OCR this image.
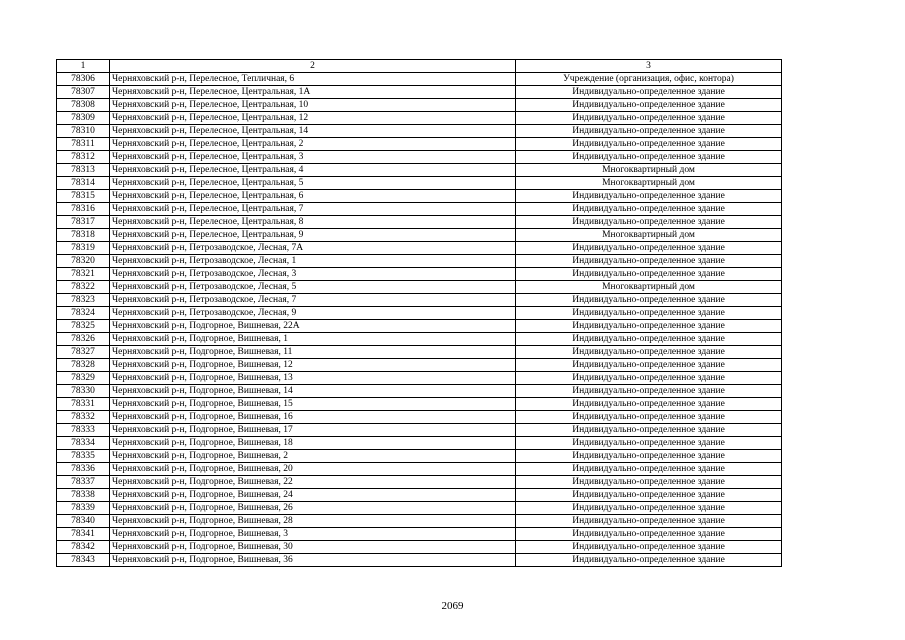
1	2	3
78306	Черняховский р-н, Перелесное, Тепличная, 6	Учреждение (организация, офис, контора)
78307	Черняховский р-н, Перелесное, Центральная, 1А	Индивидуально-определенное здание
78308	Черняховский р-н, Перелесное, Центральная, 10	Индивидуально-определенное здание
78309	Черняховский р-н, Перелесное, Центральная, 12	Индивидуально-определенное здание
78310	Черняховский р-н, Перелесное, Центральная, 14	Индивидуально-определенное здание
78311	Черняховский р-н, Перелесное, Центральная, 2	Индивидуально-определенное здание
78312	Черняховский р-н, Перелесное, Центральная, 3	Индивидуально-определенное здание
78313	Черняховский р-н, Перелесное, Центральная, 4	Многоквартирный дом
78314	Черняховский р-н, Перелесное, Центральная, 5	Многоквартирный дом
78315	Черняховский р-н, Перелесное, Центральная, 6	Индивидуально-определенное здание
78316	Черняховский р-н, Перелесное, Центральная, 7	Индивидуально-определенное здание
78317	Черняховский р-н, Перелесное, Центральная, 8	Индивидуально-определенное здание
78318	Черняховский р-н, Перелесное, Центральная, 9	Многоквартирный дом
78319	Черняховский р-н, Петрозаводское, Лесная, 7А	Индивидуально-определенное здание
78320	Черняховский р-н, Петрозаводское, Лесная, 1	Индивидуально-определенное здание
78321	Черняховский р-н, Петрозаводское, Лесная, 3	Индивидуально-определенное здание
78322	Черняховский р-н, Петрозаводское, Лесная, 5	Многоквартирный дом
78323	Черняховский р-н, Петрозаводское, Лесная, 7	Индивидуально-определенное здание
78324	Черняховский р-н, Петрозаводское, Лесная, 9	Индивидуально-определенное здание
78325	Черняховский р-н, Подгорное, Вишневая, 22А	Индивидуально-определенное здание
78326	Черняховский р-н, Подгорное, Вишневая, 1	Индивидуально-определенное здание
78327	Черняховский р-н, Подгорное, Вишневая, 11	Индивидуально-определенное здание
78328	Черняховский р-н, Подгорное, Вишневая, 12	Индивидуально-определенное здание
78329	Черняховский р-н, Подгорное, Вишневая, 13	Индивидуально-определенное здание
78330	Черняховский р-н, Подгорное, Вишневая, 14	Индивидуально-определенное здание
78331	Черняховский р-н, Подгорное, Вишневая, 15	Индивидуально-определенное здание
78332	Черняховский р-н, Подгорное, Вишневая, 16	Индивидуально-определенное здание
78333	Черняховский р-н, Подгорное, Вишневая, 17	Индивидуально-определенное здание
78334	Черняховский р-н, Подгорное, Вишневая, 18	Индивидуально-определенное здание
78335	Черняховский р-н, Подгорное, Вишневая, 2	Индивидуально-определенное здание
78336	Черняховский р-н, Подгорное, Вишневая, 20	Индивидуально-определенное здание
78337	Черняховский р-н, Подгорное, Вишневая, 22	Индивидуально-определенное здание
78338	Черняховский р-н, Подгорное, Вишневая, 24	Индивидуально-определенное здание
78339	Черняховский р-н, Подгорное, Вишневая, 26	Индивидуально-определенное здание
78340	Черняховский р-н, Подгорное, Вишневая, 28	Индивидуально-определенное здание
78341	Черняховский р-н, Подгорное, Вишневая, 3	Индивидуально-определенное здание
78342	Черняховский р-н, Подгорное, Вишневая, 30	Индивидуально-определенное здание
78343	Черняховский р-н, Подгорное, Вишневая, 36	Индивидуально-определенное здание
2069
